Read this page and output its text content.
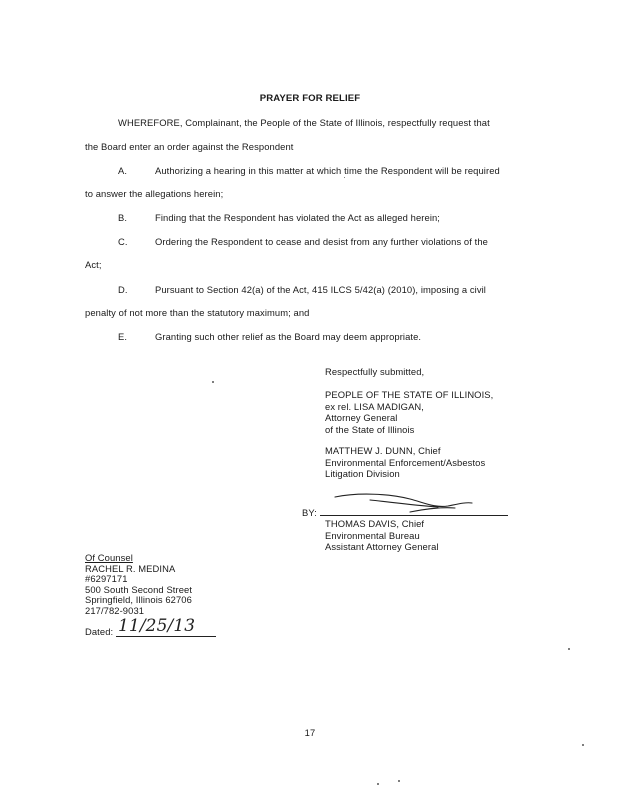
PRAYER FOR RELIEF
WHEREFORE, Complainant, the People of the State of Illinois, respectfully request that
the Board enter an order against the Respondent
A.	Authorizing a hearing in this matter at which time the Respondent will be required
to answer the allegations herein;
B.	Finding that the Respondent has violated the Act as alleged herein;
C.	Ordering the Respondent to cease and desist from any further violations of the
Act;
D.	Pursuant to Section 42(a) of the Act, 415 ILCS 5/42(a) (2010), imposing a civil
penalty of not more than the statutory maximum; and
E.	Granting such other relief as the Board may deem appropriate.
Respectfully submitted,
PEOPLE OF THE STATE OF ILLINOIS,
ex rel. LISA MADIGAN,
Attorney General
of the State of Illinois
MATTHEW J. DUNN, Chief
Environmental Enforcement/Asbestos
Litigation Division
BY:
THOMAS DAVIS, Chief
Environmental Bureau
Assistant Attorney General
Of Counsel
RACHEL R. MEDINA
#6297171
500 South Second Street
Springfield, Illinois 62706
217/782-9031
Dated: 11/25/13
17
